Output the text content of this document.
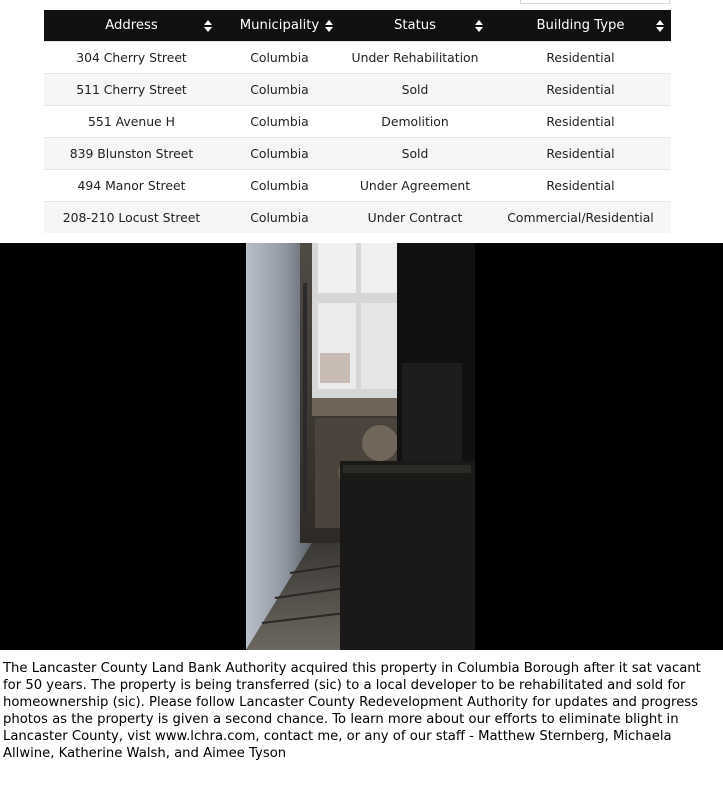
Address	Municipality	Status	Building Type

304 Cherry Street	Columbia	Under Rehabilitation	Residential
511 Cherry Street	Columbia	Sold	Residential
551 Avenue H	Columbia	Demolition	Residential
839 Blunston Street	Columbia	Sold	Residential
494 Manor Street	Columbia	Under Agreement	Residential
208-210 Locust Street	Columbia	Under Contract	Commercial/Residential
The Lancaster County Land Bank Authority acquired this property in Columbia Borough after it sat vacant for 50 years. The property is being transferred (sic) to a local developer to be rehabilitated and sold for homeownership (sic). Please follow Lancaster County Redevelopment Authority for updates and progress photos as the property is given a second chance. To learn more about our efforts to eliminate blight in Lancaster County, vist www.lchra.com, contact me, or any of our staff - Matthew Sternberg, Michaela Allwine, Katherine Walsh, and Aimee Tyson
